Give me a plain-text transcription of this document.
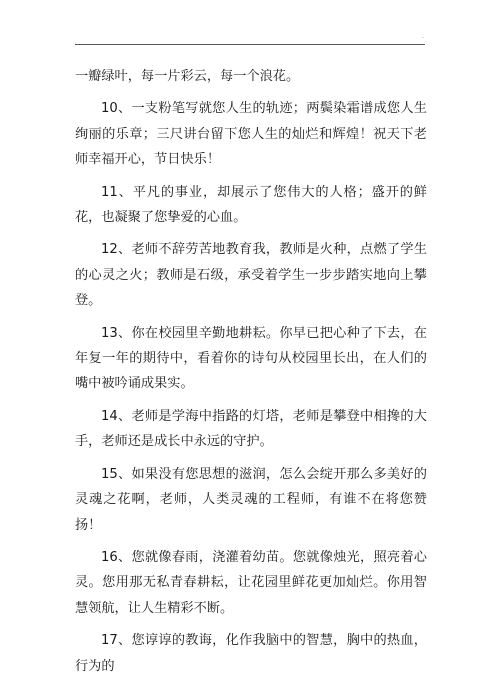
·

一瓣绿叶，每一片彩云，每一个浪花。

10、一支粉笔写就您人生的轨迹；两鬓染霜谱成您人生绚丽的乐章；三尺讲台留下您人生的灿烂和辉煌！祝天下老师幸福开心，节日快乐！

11、平凡的事业，却展示了您伟大的人格；盛开的鲜花，也凝聚了您挚爱的心血。

12、老师不辞劳苦地教育我，教师是火种，点燃了学生的心灵之火；教师是石级，承受着学生一步步踏实地向上攀登。

13、你在校园里辛勤地耕耘。你早已把心种了下去，在年复一年的期待中，看着你的诗句从校园里长出，在人们的嘴中被吟诵成果实。

14、老师是学海中指路的灯塔，老师是攀登中相搀的大手，老师还是成长中永远的守护。

15、如果没有您思想的滋润，怎么会绽开那么多美好的灵魂之花啊，老师，人类灵魂的工程师，有谁不在将您赞扬！

16、您就像春雨，浇灌着幼苗。您就像烛光，照亮着心灵。您用那无私青春耕耘，让花园里鲜花更加灿烂。你用智慧领航，让人生精彩不断。

17、您谆谆的教诲，化作我脑中的智慧，胸中的热血，行为的
